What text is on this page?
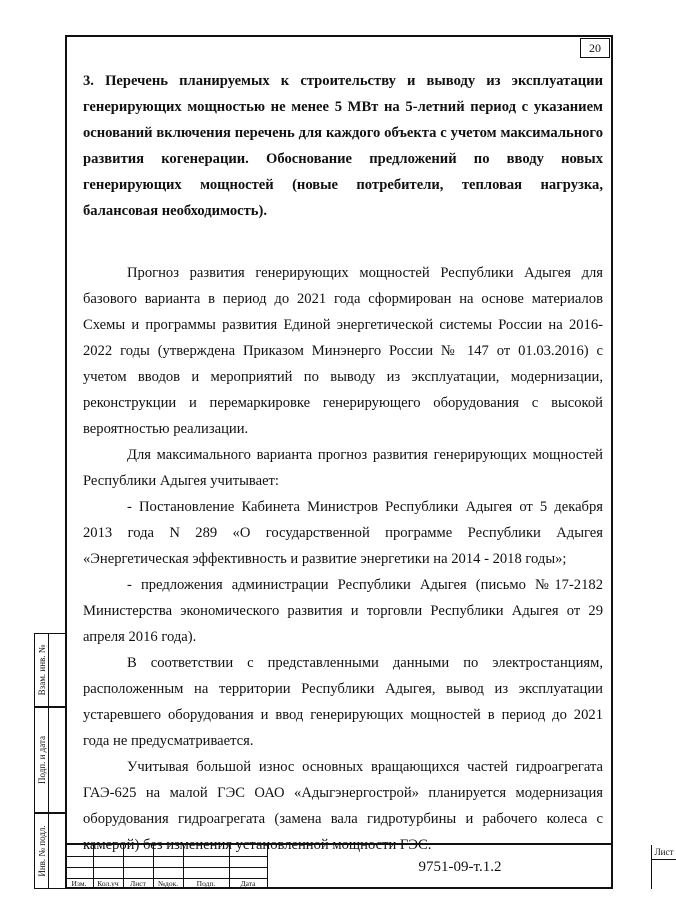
20

3. Перечень планируемых к строительству и выводу из эксплуатации генерирующих мощностью не менее 5 МВт на 5-летний период с указанием оснований включения перечень для каждого объекта с учетом максимального развития когенерации. Обоснование предложений по вводу новых генерирующих мощностей (новые потребители, тепловая нагрузка, балансовая необходимость).

Прогноз развития генерирующих мощностей Республики Адыгея для базового варианта в период до 2021 года сформирован на основе материалов Схемы и программы развития Единой энергетической системы России на 2016-2022 годы (утверждена Приказом Минэнерго России № 147 от 01.03.2016) с учетом вводов и мероприятий по выводу из эксплуатации, модернизации, реконструкции и перемаркировке генерирующего оборудования с высокой вероятностью реализации.

Для максимального варианта прогноз развития генерирующих мощностей Республики Адыгея учитывает:

- Постановление Кабинета Министров Республики Адыгея от 5 декабря 2013 года N 289 «О государственной программе Республики Адыгея «Энергетическая эффективность и развитие энергетики на 2014 - 2018 годы»;

- предложения администрации Республики Адыгея (письмо №17-2182 Министерства экономического развития и торговли Республики Адыгея от 29 апреля 2016 года).

В соответствии с представленными данными по электростанциям, расположенным на территории Республики Адыгея, вывод из эксплуатации устаревшего оборудования и ввод генерирующих мощностей в период до 2021 года не предусматривается.

Учитывая большой износ основных вращающихся частей гидроагрегата ГАЭ-625 на малой ГЭС ОАО «Адыгэнергострой» планируется модернизация оборудования гидроагрегата (замена вала гидротурбины и рабочего колеса с камерой) без изменения установленной мощности ГЭС.

Взам. инв. №
Подп. и дата
Инв. № подл.
Изм.	Кол.уч	Лист	№док.	Подп.	Дата
9751-09-т.1.2
Лист
